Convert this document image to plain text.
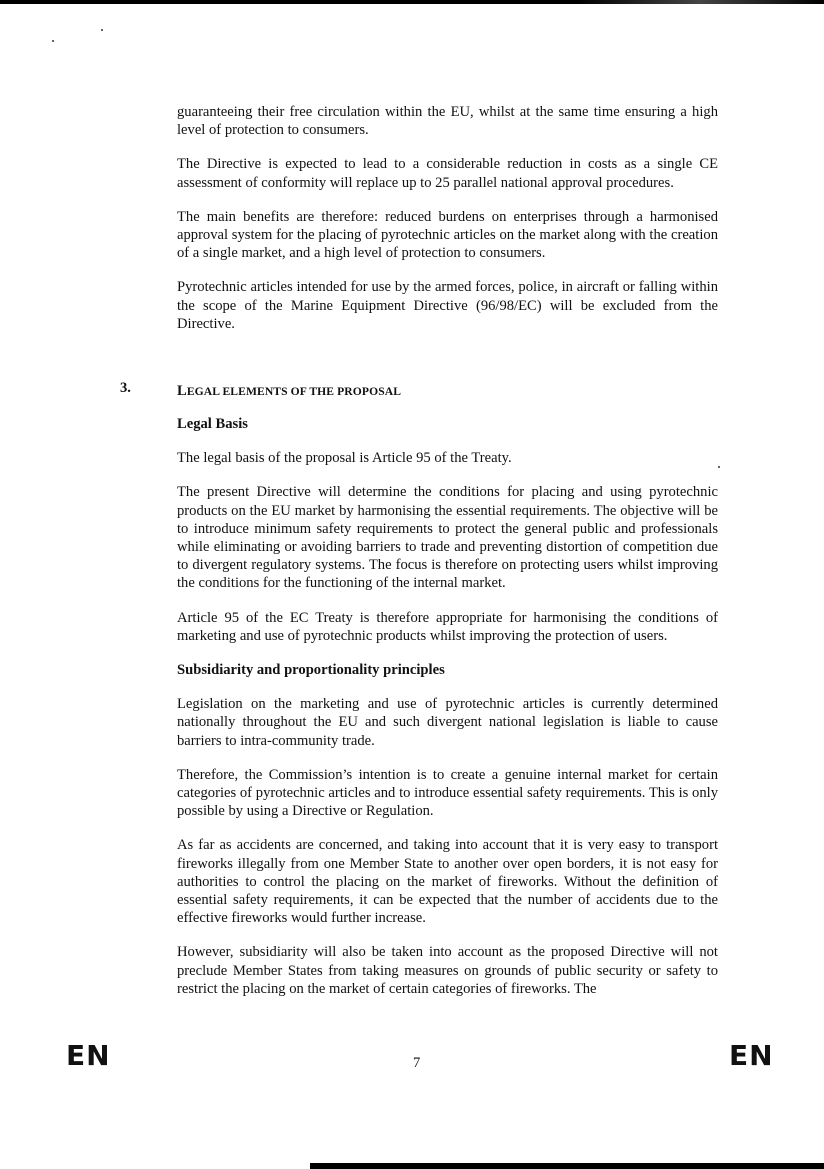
guaranteeing their free circulation within the EU, whilst at the same time ensuring a high level of protection to consumers.

The Directive is expected to lead to a considerable reduction in costs as a single CE assessment of conformity will replace up to 25 parallel national approval procedures.

The main benefits are therefore: reduced burdens on enterprises through a harmonised approval system for the placing of pyrotechnic articles on the market along with the creation of a single market, and a high level of protection to consumers.

Pyrotechnic articles intended for use by the armed forces, police, in aircraft or falling within the scope of the Marine Equipment Directive (96/98/EC) will be excluded from the Directive.

3.	LEGAL ELEMENTS OF THE PROPOSAL
Legal Basis

The legal basis of the proposal is Article 95 of the Treaty.

The present Directive will determine the conditions for placing and using pyrotechnic products on the EU market by harmonising the essential requirements. The objective will be to introduce minimum safety requirements to protect the general public and professionals while eliminating or avoiding barriers to trade and preventing distortion of competition due to divergent regulatory systems. The focus is therefore on protecting users whilst improving the conditions for the functioning of the internal market.

Article 95 of the EC Treaty is therefore appropriate for harmonising the conditions of marketing and use of pyrotechnic products whilst improving the protection of users.

Subsidiarity and proportionality principles

Legislation on the marketing and use of pyrotechnic articles is currently determined nationally throughout the EU and such divergent national legislation is liable to cause barriers to intra-community trade.

Therefore, the Commission’s intention is to create a genuine internal market for certain categories of pyrotechnic articles and to introduce essential safety requirements. This is only possible by using a Directive or Regulation.

As far as accidents are concerned, and taking into account that it is very easy to transport fireworks illegally from one Member State to another over open borders, it is not easy for authorities to control the placing on the market of fireworks. Without the definition of essential safety requirements, it can be expected that the number of accidents due to the effective fireworks would further increase.

However, subsidiarity will also be taken into account as the proposed Directive will not preclude Member States from taking measures on grounds of public security or safety to restrict the placing on the market of certain categories of fireworks. The

EN	7	EN
